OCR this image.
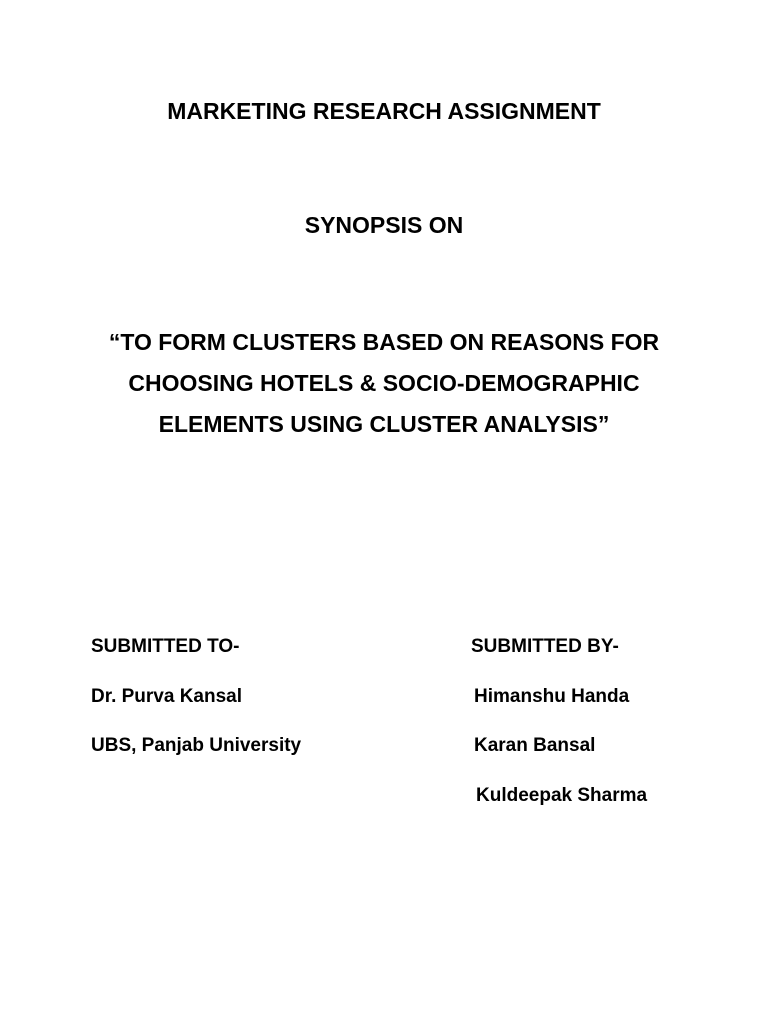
MARKETING RESEARCH ASSIGNMENT
SYNOPSIS ON
“TO FORM CLUSTERS BASED ON REASONS FOR
CHOOSING HOTELS & SOCIO-DEMOGRAPHIC
ELEMENTS USING CLUSTER ANALYSIS”
SUBMITTED TO-
Dr. Purva Kansal
UBS, Panjab University
SUBMITTED BY-
Himanshu Handa
Karan Bansal
Kuldeepak Sharma
